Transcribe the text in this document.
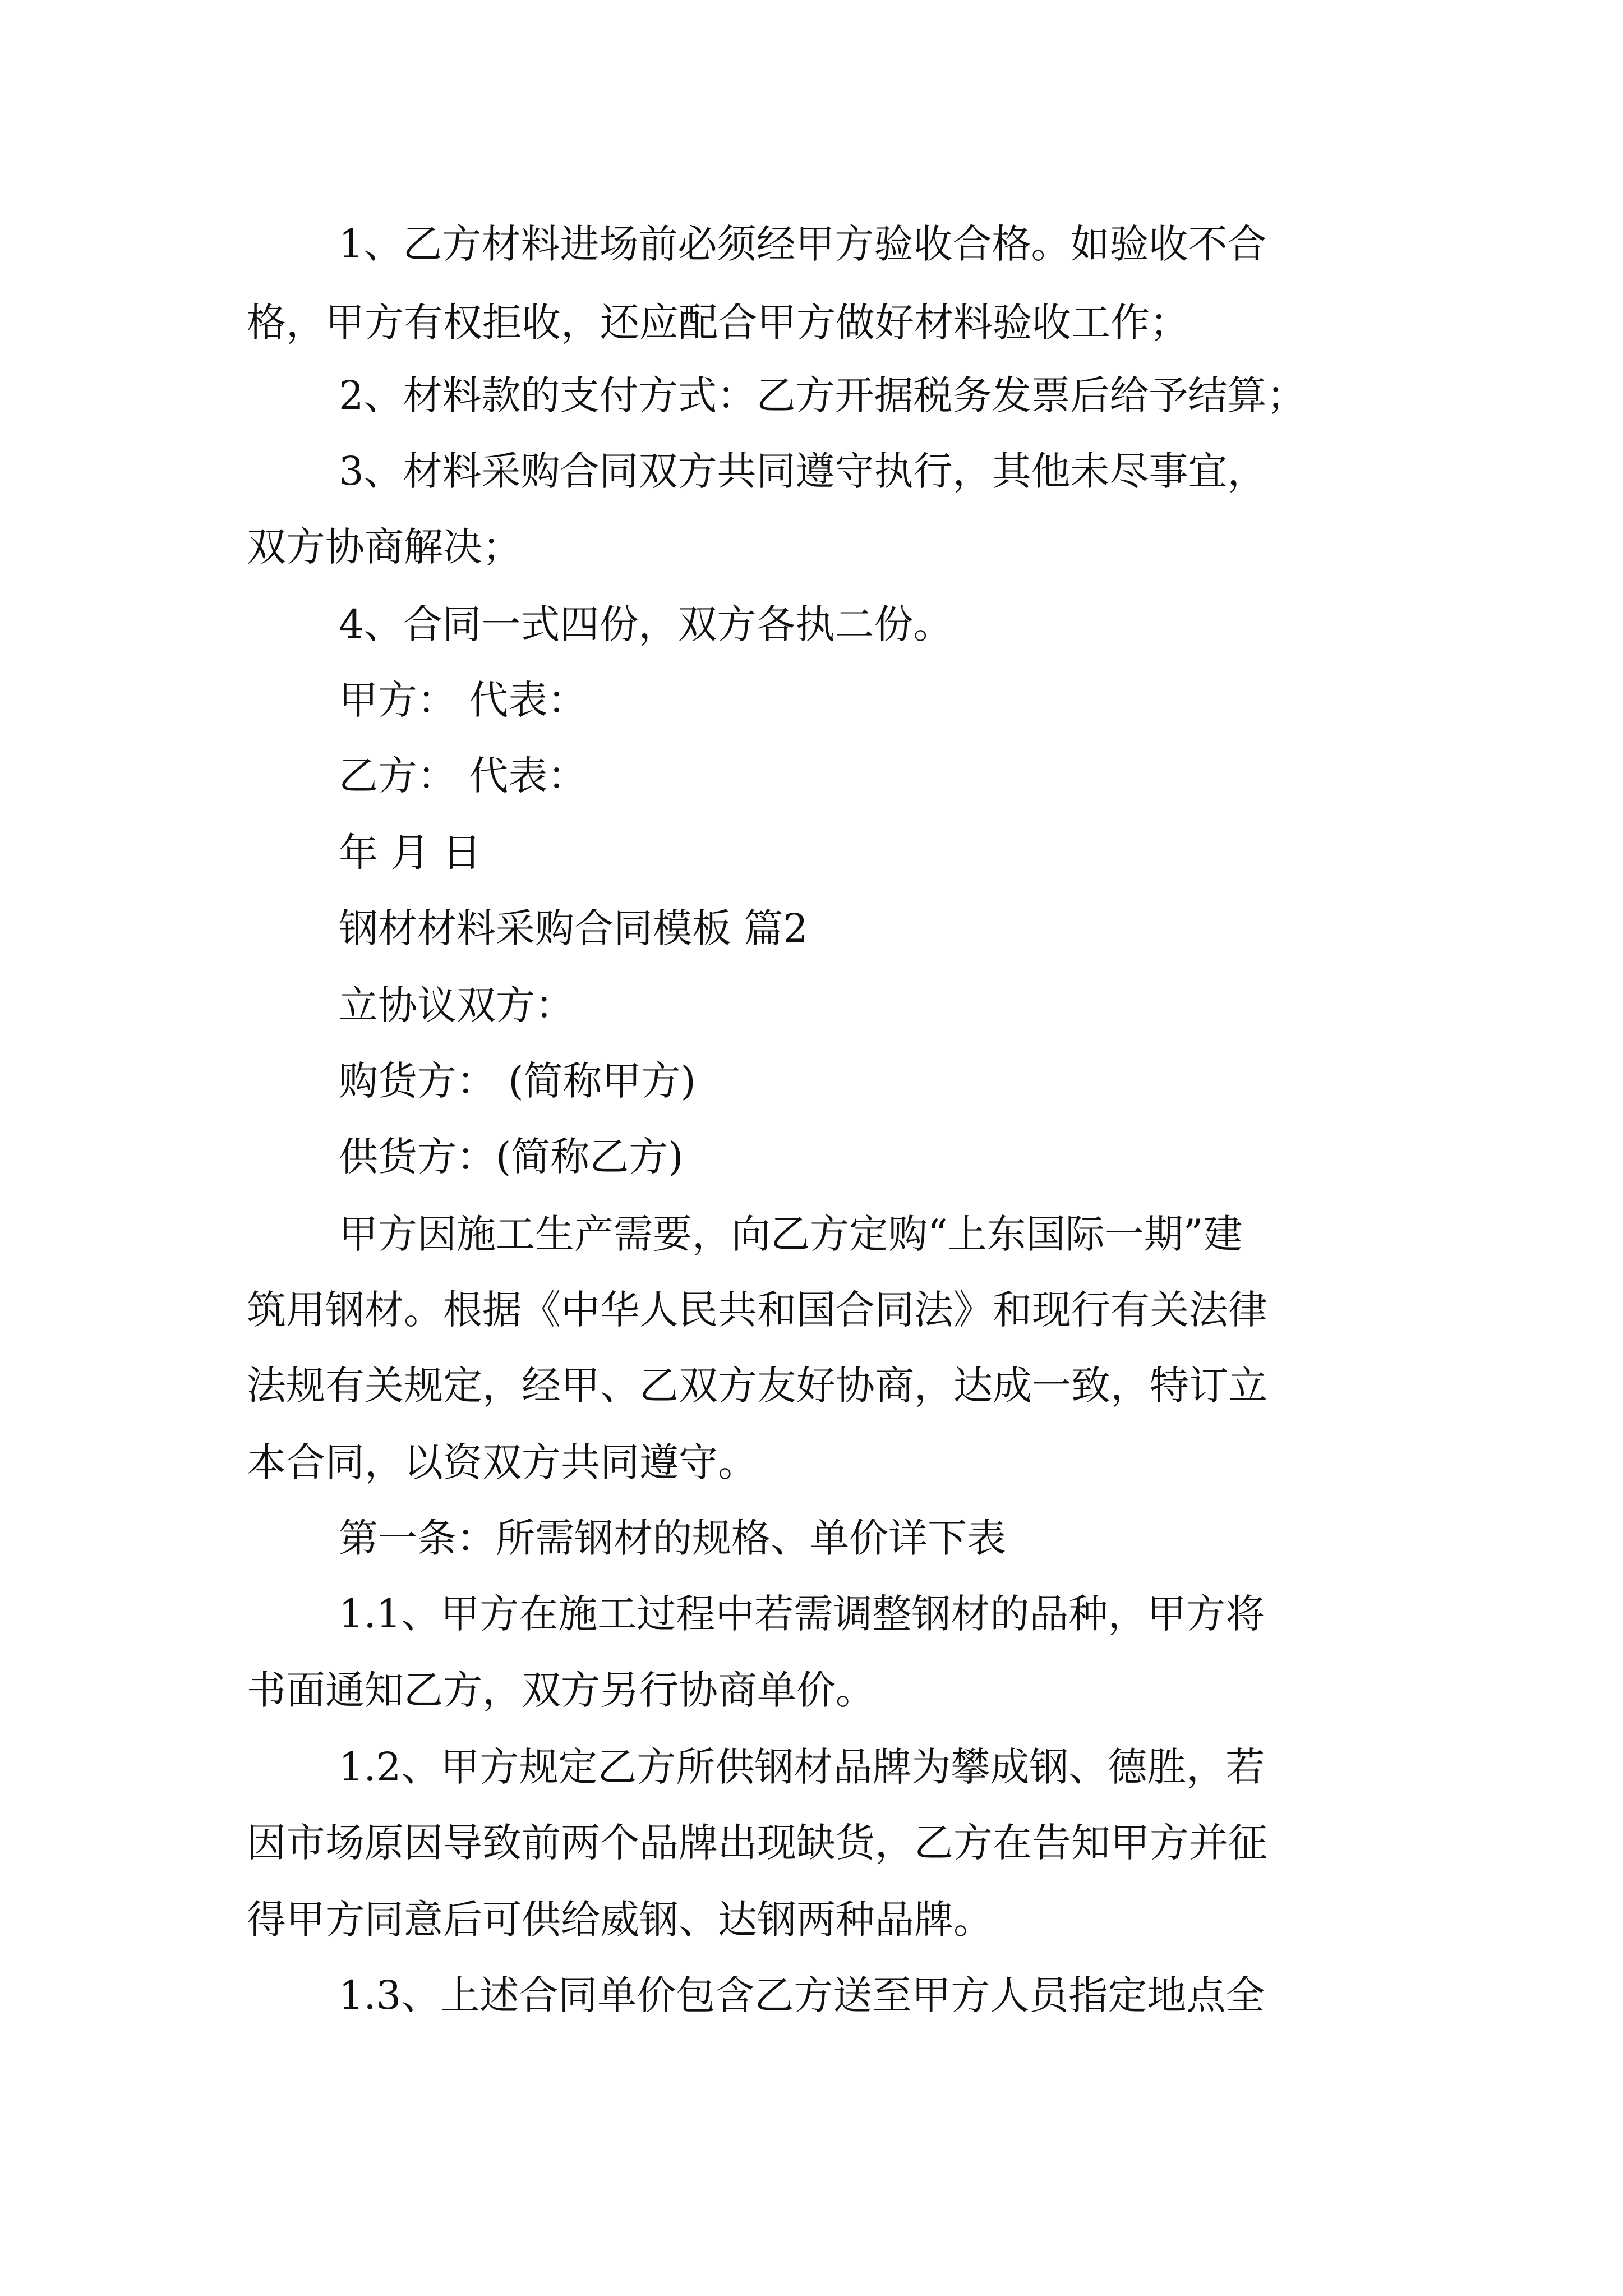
1、乙方材料进场前必须经甲方验收合格。如验收不合
格，甲方有权拒收，还应配合甲方做好材料验收工作；
2、材料款的支付方式：乙方开据税务发票后给予结算；
3、材料采购合同双方共同遵守执行，其他未尽事宜，
双方协商解决；
4、合同一式四份，双方各执二份。
甲方： 代表：
乙方： 代表：
年 月 日
钢材材料采购合同模板 篇2
立协议双方：
购货方： (简称甲方)
供货方：(简称乙方)
甲方因施工生产需要，向乙方定购“上东国际一期”建
筑用钢材。根据《中华人民共和国合同法》和现行有关法律
法规有关规定，经甲、乙双方友好协商，达成一致，特订立
本合同，以资双方共同遵守。
第一条：所需钢材的规格、单价详下表
1.1、甲方在施工过程中若需调整钢材的品种，甲方将
书面通知乙方，双方另行协商单价。
1.2、甲方规定乙方所供钢材品牌为攀成钢、德胜，若
因市场原因导致前两个品牌出现缺货，乙方在告知甲方并征
得甲方同意后可供给威钢、达钢两种品牌。
1.3、上述合同单价包含乙方送至甲方人员指定地点全
